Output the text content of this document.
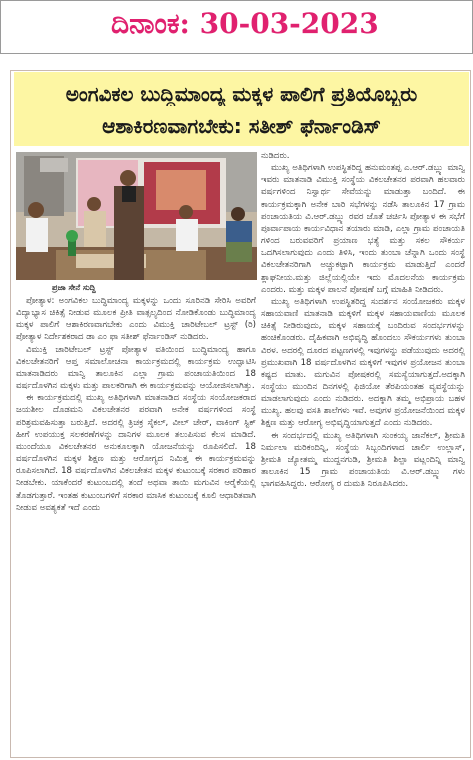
ದಿನಾಂಕ: 30-03-2023
ಅಂಗವಿಕಲ ಬುದ್ಧಿಮಾಂದ್ಯ ಮಕ್ಕಳ ಪಾಲಿಗೆ ಪ್ರತಿಯೊಬ್ಬರು
ಆಶಾಕಿರಣವಾಗಬೇಕು: ಸತೀಶ್ ಫೆರ್ನಾಂಡಿಸ್
ಪ್ರಜಾ ಸೇನೆ ಸುದ್ದಿ

ಪೋತ್ಯಾಳ: ಅಂಗವಿಕಲ ಬುದ್ಧಿಮಾಂದ್ಯ ಮಕ್ಕಳನ್ನು ಒಂದು ಸೂರಿನಡಿ ಸೇರಿಸಿ ಅವರಿಗೆ ವಿದ್ಯಾಭ್ಯಾಸ ಚಿಕಿತ್ಸೆ ನೀಡುವ ಮೂಲಕ ಪ್ರೀತಿ ವಾತ್ಸಲ್ಯದಿಂದ ನೋಡಿಕೊಂಡು ಬುದ್ಧಿಮಾಂದ್ಯ ಮಕ್ಕಳ ಪಾಲಿಗೆ ಆಶಾಕಿರಣವಾಗಬೇಕು ಎಂದು ವಿಮುಕ್ತಿ ಚಾರಿಟೇಬಲ್ ಟ್ರಸ್ಟ್ (ರಿ) ಪೋತ್ಯಾಳ ನಿರ್ದೇಶಕರಾದ ಡಾ ಎಂ ಫಾ ಸತೀಶ್ ಫೆರ್ನಾಂಡಿಸ್ ನುಡಿದರು.

ವಿಮುಕ್ತಿ ಚಾರಿಟೇಬಲ್ ಟ್ರಸ್ಟ್ ಪೋತ್ಯಾಳ ವತಿಯಿಂದ ಬುದ್ಧಿಮಾಂದ್ಯ ಹಾಗೂ ವಿಕಲಚೇತನರಿಗೆ ಆಪ್ತ ಸಮಾಲೋಚನಾ ಕಾರ್ಯಕ್ರಮದಲ್ಲಿ ಕಾರ್ಯಕ್ರಮ ಉದ್ಘಾಟಿಸಿ ಮಾತನಾಡಿದರು ಮಾನ್ವಿ ತಾಲೂಕಿನ ಎಲ್ಲಾ ಗ್ರಾಮ ಪಂಚಾಯತಿಯಿಂದ 18 ವರ್ಷದೊಳಗಿನ ಮಕ್ಕಳು ಮತ್ತು ಪಾಲಕರಿಗಾಗಿ ಈ ಕಾರ್ಯಕ್ರಮವನ್ನು ಆಯೋಜಿಸಲಾಗಿತ್ತು.

ಈ ಕಾರ್ಯಕ್ರಮದಲ್ಲಿ ಮುಖ್ಯ ಅತಿಥಿಗಳಾಗಿ ಮಾತನಾಡಿದ ಸಂಸ್ಥೆಯ ಸಂಯೋಜಕರಾದ ಜಯಶೀಲ ದೊಡಮನಿ ವಿಕಲಚೇತನರ ಪರವಾಗಿ ಅನೇಕ ವರ್ಷಗಳಿಂದ ಸಂಸ್ಥೆ ಪರಿಶ್ರಮವಹಿಸುತ್ತಾ ಬರುತ್ತಿದೆ. ಅದರಲ್ಲಿ ತ್ರಿಚಕ್ರ ಸೈಕಲ್, ವೀಲ್ ಚೇರ್, ವಾಕಿಂಗ್ ಸ್ಟಿಕ್ ಹೀಗೆ ಉಪಯುಕ್ತ ಸಲಕರಣೆಗಳನ್ನು ದಾನಿಗಳ ಮೂಲಕ ತಲುಪಿಸುವ ಕೆಲಸ ಮಾಡಿದೆ. ಮುಂದೆಯೂ ವಿಕಲಚೇತನರ ಅನುಕೂಲಕ್ಕಾಗಿ ಯೋಜನೆಯನ್ನು ರೂಪಿಸಲಿದೆ. 18 ವರ್ಷದೊಳಗಿನ ಮಕ್ಕಳ ಶಿಕ್ಷಣ ಮತ್ತು ಆರೋಗ್ಯದ ನಿಮಿತ್ತ ಈ ಕಾರ್ಯಕ್ರಮವನ್ನು ರೂಪಿಸಲಾಗಿದೆ. 18 ವರ್ಷದೊಳಗಿನ ವಿಕಲಚೇತನ ಮಕ್ಕಳ ಕುಟುಂಬಕ್ಕೆ ಸರಕಾರ ಪರಿಹಾರ ನೀಡಬೇಕು. ಯಾಕೆಂದರೆ ಕುಟುಂಬದಲ್ಲಿ ತಂದೆ ಅಥವಾ ತಾಯಿ ಮಗುವಿನ ಆರೈಕೆಯಲ್ಲಿ ತೊಡಗುತ್ತಾರೆ. ಇಂತಹ ಕುಟುಂಬಗಳಿಗೆ ಸರಕಾರ ಮಾಸಿಕ ಕುಟುಂಬಕ್ಕೆ ಕೂಲಿ ಆಧಾರಿತವಾಗಿ ನೀಡುವ ಅವಶ್ಯಕತೆ ಇದೆ ಎಂದು

ನುಡಿದರು.

ಮುಖ್ಯ ಅತಿಥಿಗಳಾಗಿ ಉಪಸ್ಥಿತರಿದ್ದ ಹನುಮಂತಪ್ಪ ಎ.ಆರ್.ಡಬ್ಲ್ಯು ಮಾನ್ವಿ ಇವರು ಮಾತನಾಡಿ ವಿಮುಕ್ತಿ ಸಂಸ್ಥೆಯ ವಿಕಲಚೇತನರ ಪರವಾಗಿ ಹಲವಾರು ವರ್ಷಗಳಿಂದ ನಿಸ್ವಾರ್ಥ ಸೇವೆಯನ್ನು ಮಾಡುತ್ತಾ ಬಂದಿದೆ. ಈ ಕಾರ್ಯಕ್ರಮಕ್ಕಾಗಿ ಅನೇಕ ಬಾರಿ ಸಭೆಗಳನ್ನು ನಡೆಸಿ ತಾಲೂಕಿನ 17 ಗ್ರಾಮ ಪಂಚಾಯತಿಯ ವಿ.ಆರ್.ಡಬ್ಲ್ಯು ರವರ ಜೊತೆ ಚರ್ಚಿಸಿ ಪೋತ್ಯಾಳ ಈ ಸಭೆಗೆ ಪೂರ್ವಾಪಾಯ ಕಾರ್ಯವಿಧಾನ ತಯಾರು ಮಾಡಿ, ಎಲ್ಲಾ ಗ್ರಾಮ ಪಂಚಾಯತಿ ಗಳಿಂದ ಬರುವವರಿಗೆ ಪ್ರಯಾಣ ಭತ್ಯೆ ಮತ್ತು ಸಕಲ ಸೌಕರ್ಯ ಒದಗಿಸಲಾಗುವುದು ಎಂದು ತಿಳಿಸಿ, ಇಂದು ತುಂಬಾ ಚೆನ್ನಾಗಿ ಒಂದು ಸಂಸ್ಥೆ ವಿಕಲಚೇತನರಿಗಾಗಿ ಅಚ್ಚುಕಟ್ಟಾಗಿ ಕಾರ್ಯಕ್ರಮ ಮಾಡುತ್ತಿದೆ ಎಂದರೆ ಶ್ಲಾಘನೀಯ.ಮತ್ತು ಜಿಲ್ಲೆಯಲ್ಲಿಯೇ ಇದು ಮೊದಲನೆಯ ಕಾರ್ಯಕ್ರಮ ಎಂದರು. ಮತ್ತು ಮಕ್ಕಳ ಪಾಲನೆ ಪೋಷಣೆ ಬಗ್ಗೆ ಮಾಹಿತಿ ನೀಡಿದರು.

ಮುಖ್ಯ ಅತಿಥಿಗಳಾಗಿ ಉಪಸ್ಥಿತರಿದ್ದ ಸುದರ್ಶನ ಸಂಯೋಜಕರು ಮಕ್ಕಳ ಸಹಾಯವಾಣಿ ಮಾತನಾಡಿ ಮಕ್ಕಳಿಗೆ ಮಕ್ಕಳ ಸಹಾಯವಾಣಿಯ ಮೂಲಕ ಚಿಕಿತ್ಸೆ ನೀಡಿರುವುದು, ಮಕ್ಕಳ ಸಹಾಯಕ್ಕೆ ಬಂದಿರುವ ಸಂದರ್ಭಗಳನ್ನು ಹಂಚಿಕೊಂಡರು. ದೈಹಿಕವಾಗಿ ಅಭಿವೃದ್ಧಿ ಹೊಂದಲು ಸೌಕರ್ಯಗಳು ತುಂಬಾ ವಿರಳ. ಅದರಲ್ಲಿ ದೂರದ ಪಟ್ಟಣಗಳಲ್ಲಿ ಇವುಗಳನ್ನು ಪಡೆಯುವುದು ಅದರಲ್ಲಿ ಪ್ರಮುಖವಾಗಿ 18 ವರ್ಷದೊಳಗಿನ ಮಕ್ಕಳಿಗೆ ಇವುಗಳ ಪ್ರಯೋಜನ ತುಂಬಾ ಕಷ್ಟದ ಮಾತು. ಮಗುವಿನ ಪೋಷಕರಲ್ಲಿ ಸಮಸ್ಯೆಯಾಗುತ್ತದೆ.ಅದಕ್ಕಾಗಿ ಸಂಸ್ಥೆಯು ಮುಂದಿನ ದಿನಗಳಲ್ಲಿ ಫಿಜಿಯೋ ತೆರಪಿಯಂತಹ ವ್ಯವಸ್ಥೆಯನ್ನು ಮಾಡಲಾಗುವುದು ಎಂದು ನುಡಿದರು. ಅದಕ್ಕಾಗಿ ತಮ್ಮ ಅಭಿಪ್ರಾಯ ಬಹಳ ಮುಖ್ಯ. ಹಲವು ವಸತಿ ಶಾಲೆಗಳು ಇವೆ. ಅವುಗಳ ಪ್ರಯೋಜನೆಯಿಂದ ಮಕ್ಕಳ ಶಿಕ್ಷಣ ಮತ್ತು ಆರೋಗ್ಯ ಅಭಿವೃದ್ಧಿಯಾಗುತ್ತದೆ ಎಂದು ನುಡಿದರು.

ಈ ಸಂದರ್ಭದಲ್ಲಿ ಮುಖ್ಯ ಅತಿಥಿಗಳಾಗಿ ಸುಂಕಯ್ಯ ಜಾನೆಕಲ್, ಶ್ರೀಮತಿ ನಿರ್ಮಲಾ ಮರಿಕಂದಿನ್ನಿ, ಸಂಸ್ಥೆಯ ಸಿಬ್ಬಂದಿಗಳಾದ ಚಾರ್ಲಿ ಉಲ್ಲಾಸ್, ಶ್ರೀಮತಿ ಜ್ಯೋತಮ್ಮ ಮುದ್ದನಗುಡಿ, ಶ್ರೀಮತಿ ಶಿಲ್ಪಾ ವಟ್ಲಂದಿನ್ನಿ ಮಾನ್ವಿ ತಾಲೂಕಿನ 15 ಗ್ರಾಮ ಪಂಚಾಯತಿಯ ವಿ.ಆರ್.ಡಬ್ಲ್ಯು ಗಳು ಭಾಗವಹಿಸಿದ್ದರು. ಆರೋಗ್ಯ ರ ದುಮತಿ ನಿರೂಪಿಸಿದರು.
